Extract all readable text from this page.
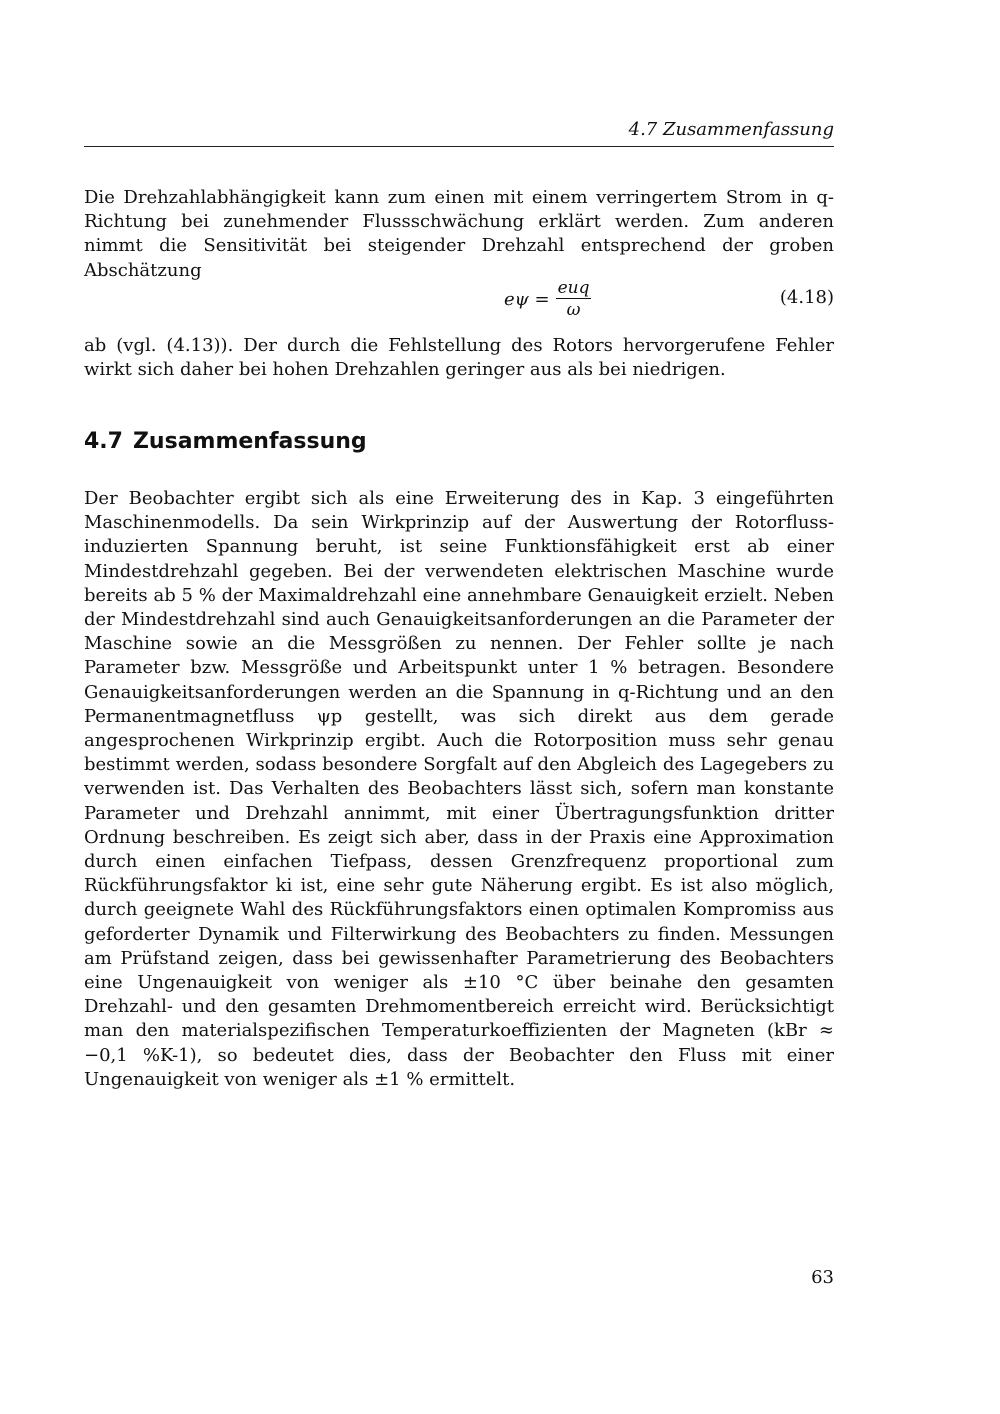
4.7 Zusammenfassung

Die Drehzahlabhängigkeit kann zum einen mit einem verringertem Strom in q-Richtung bei zunehmender Flussschwächung erklärt werden. Zum anderen nimmt die Sensitivität bei steigender Drehzahl entsprechend der groben Abschätzung

$e\psi = \frac{\text{euq}}{\omega}$	(4.18)

ab (vgl. (4.13)). Der durch die Fehlstellung des Rotors hervorgerufene Fehler wirkt sich daher bei hohen Drehzahlen geringer aus als bei niedrigen.

4.7 Zusammenfassung

Der Beobachter ergibt sich als eine Erweiterung des in Kap. 3 eingeführten Maschinenmodells. Da sein Wirkprinzip auf der Auswertung der Rotorfluss-induzierten Spannung beruht, ist seine Funktionsfähigkeit erst ab einer Mindestdrehzahl gegeben. Bei der verwendeten elektrischen Maschine wurde bereits ab 5 % der Maximaldrehzahl eine annehmbare Genauigkeit erzielt. Neben der Mindestdrehzahl sind auch Genauigkeitsanforderungen an die Parameter der Maschine sowie an die Messgrößen zu nennen. Der Fehler sollte je nach Parameter bzw. Messgröße und Arbeitspunkt unter 1 % betragen. Besondere Genauigkeitsanforderungen werden an die Spannung in q-Richtung und an den Permanentmagnetfluss ψp gestellt, was sich direkt aus dem gerade angesprochenen Wirkprinzip ergibt. Auch die Rotorposition muss sehr genau bestimmt werden, sodass besondere Sorgfalt auf den Abgleich des Lagegebers zu verwenden ist. Das Verhalten des Beobachters lässt sich, sofern man konstante Parameter und Drehzahl annimmt, mit einer Übertragungsfunktion dritter Ordnung beschreiben. Es zeigt sich aber, dass in der Praxis eine Approximation durch einen einfachen Tiefpass, dessen Grenzfrequenz proportional zum Rückführungsfaktor ki ist, eine sehr gute Näherung ergibt. Es ist also möglich, durch geeignete Wahl des Rückführungsfaktors einen optimalen Kompromiss aus geforderter Dynamik und Filterwirkung des Beobachters zu finden. Messungen am Prüfstand zeigen, dass bei gewissenhafter Parametrierung des Beobachters eine Ungenauigkeit von weniger als ±10 °C über beinahe den gesamten Drehzahl- und den gesamten Drehmomentbereich erreicht wird. Berücksichtigt man den materialspezifischen Temperaturkoeffizienten der Magneten (kBr ≈ −0,1 %K-1), so bedeutet dies, dass der Beobachter den Fluss mit einer Ungenauigkeit von weniger als ±1 % ermittelt.

63
